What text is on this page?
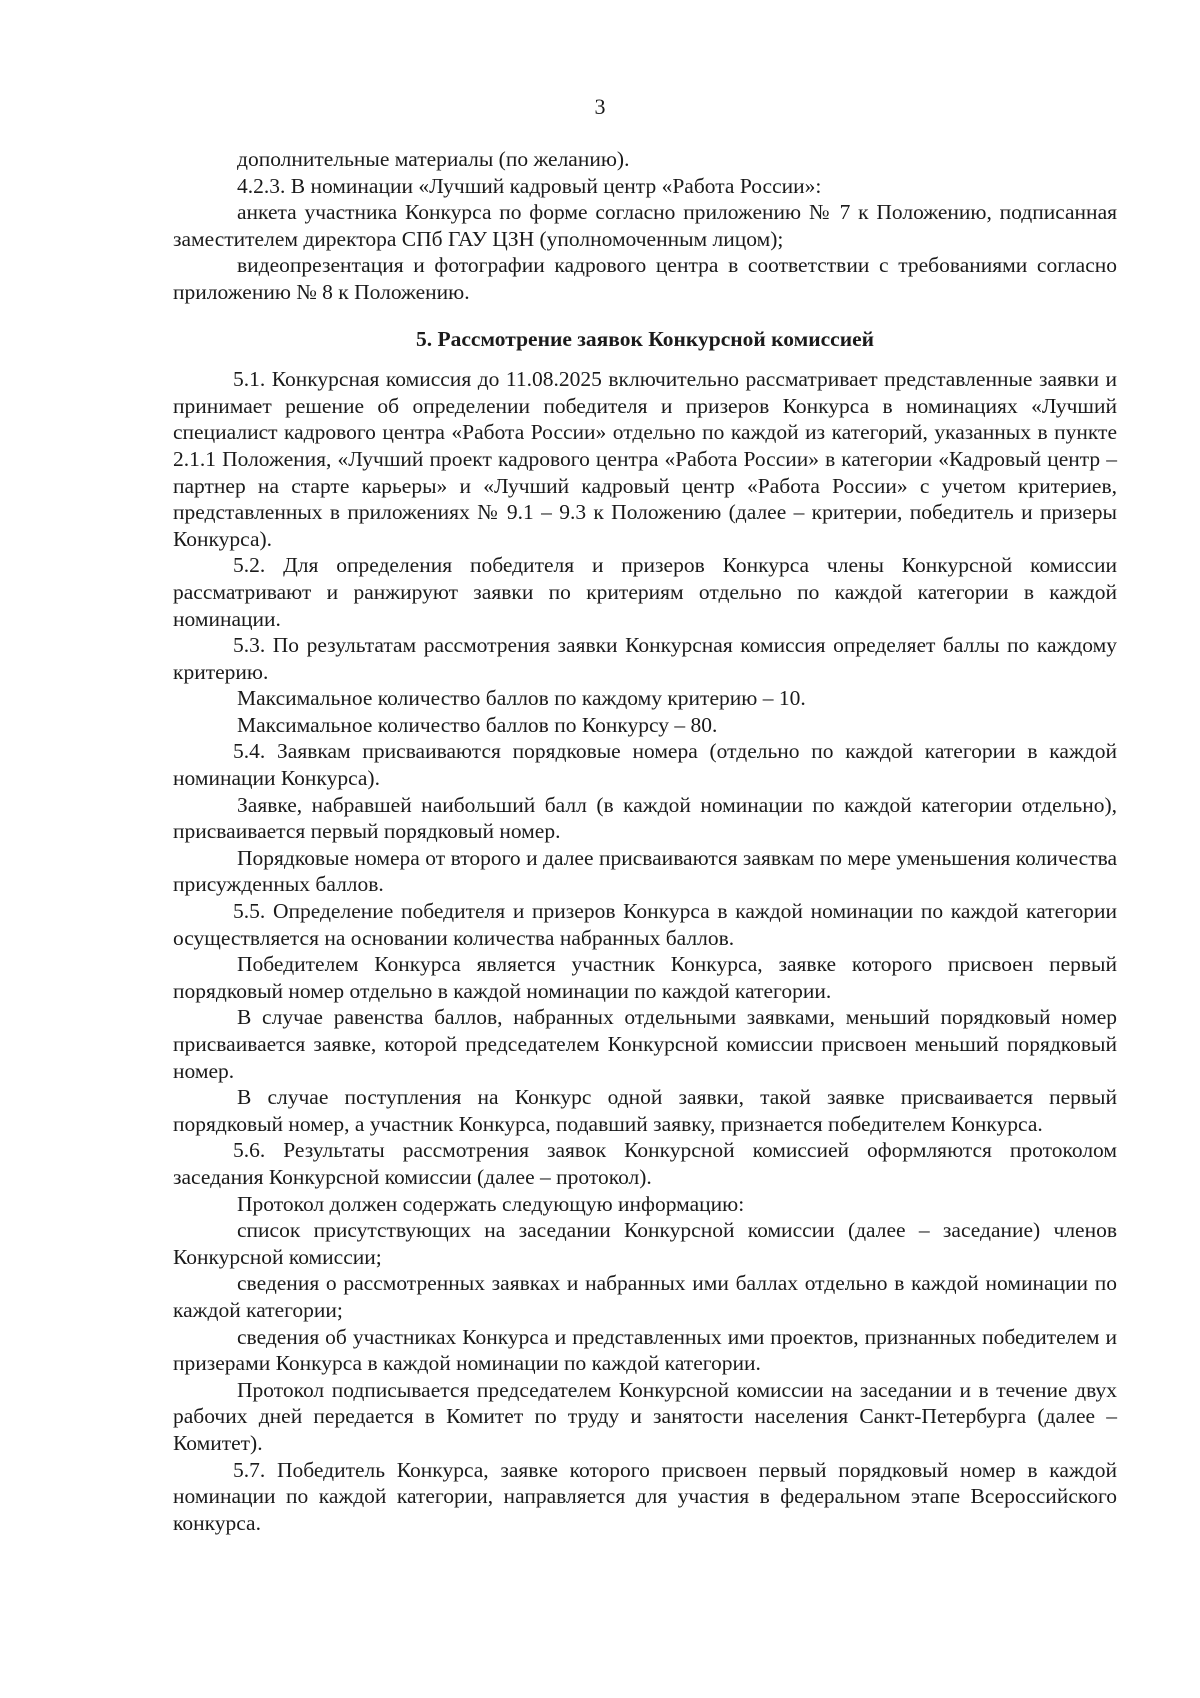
3

дополнительные материалы (по желанию).

4.2.3. В номинации «Лучший кадровый центр «Работа России»:

анкета участника Конкурса по форме согласно приложению № 7 к Положению, подписанная заместителем директора СПб ГАУ ЦЗН (уполномоченным лицом);

видеопрезентация и фотографии кадрового центра в соответствии с требованиями согласно приложению № 8 к Положению.

5. Рассмотрение заявок Конкурсной комиссией

5.1. Конкурсная комиссия до 11.08.2025 включительно рассматривает представленные заявки и принимает решение об определении победителя и призеров Конкурса в номинациях «Лучший специалист кадрового центра «Работа России» отдельно по каждой из категорий, указанных в пункте 2.1.1 Положения, «Лучший проект кадрового центра «Работа России» в категории «Кадровый центр – партнер на старте карьеры» и «Лучший кадровый центр «Работа России» с учетом критериев, представленных в приложениях № 9.1 – 9.3 к Положению (далее – критерии, победитель и призеры Конкурса).

5.2. Для определения победителя и призеров Конкурса члены Конкурсной комиссии рассматривают и ранжируют заявки по критериям отдельно по каждой категории в каждой номинации.

5.3. По результатам рассмотрения заявки Конкурсная комиссия определяет баллы по каждому критерию.

Максимальное количество баллов по каждому критерию – 10.

Максимальное количество баллов по Конкурсу – 80.

5.4. Заявкам присваиваются порядковые номера (отдельно по каждой категории в каждой номинации Конкурса).

Заявке, набравшей наибольший балл (в каждой номинации по каждой категории отдельно), присваивается первый порядковый номер.

Порядковые номера от второго и далее присваиваются заявкам по мере уменьшения количества присужденных баллов.

5.5. Определение победителя и призеров Конкурса в каждой номинации по каждой категории осуществляется на основании количества набранных баллов.

Победителем Конкурса является участник Конкурса, заявке которого присвоен первый порядковый номер отдельно в каждой номинации по каждой категории.

В случае равенства баллов, набранных отдельными заявками, меньший порядковый номер присваивается заявке, которой председателем Конкурсной комиссии присвоен меньший порядковый номер.

В случае поступления на Конкурс одной заявки, такой заявке присваивается первый порядковый номер, а участник Конкурса, подавший заявку, признается победителем Конкурса.

5.6. Результаты рассмотрения заявок Конкурсной комиссией оформляются протоколом заседания Конкурсной комиссии (далее – протокол).

Протокол должен содержать следующую информацию:

список присутствующих на заседании Конкурсной комиссии (далее – заседание) членов Конкурсной комиссии;

сведения о рассмотренных заявках и набранных ими баллах отдельно в каждой номинации по каждой категории;

сведения об участниках Конкурса и представленных ими проектов, признанных победителем и призерами Конкурса в каждой номинации по каждой категории.

Протокол подписывается председателем Конкурсной комиссии на заседании и в течение двух рабочих дней передается в Комитет по труду и занятости населения Санкт-Петербурга (далее – Комитет).

5.7. Победитель Конкурса, заявке которого присвоен первый порядковый номер в каждой номинации по каждой категории, направляется для участия в федеральном этапе Всероссийского конкурса.
